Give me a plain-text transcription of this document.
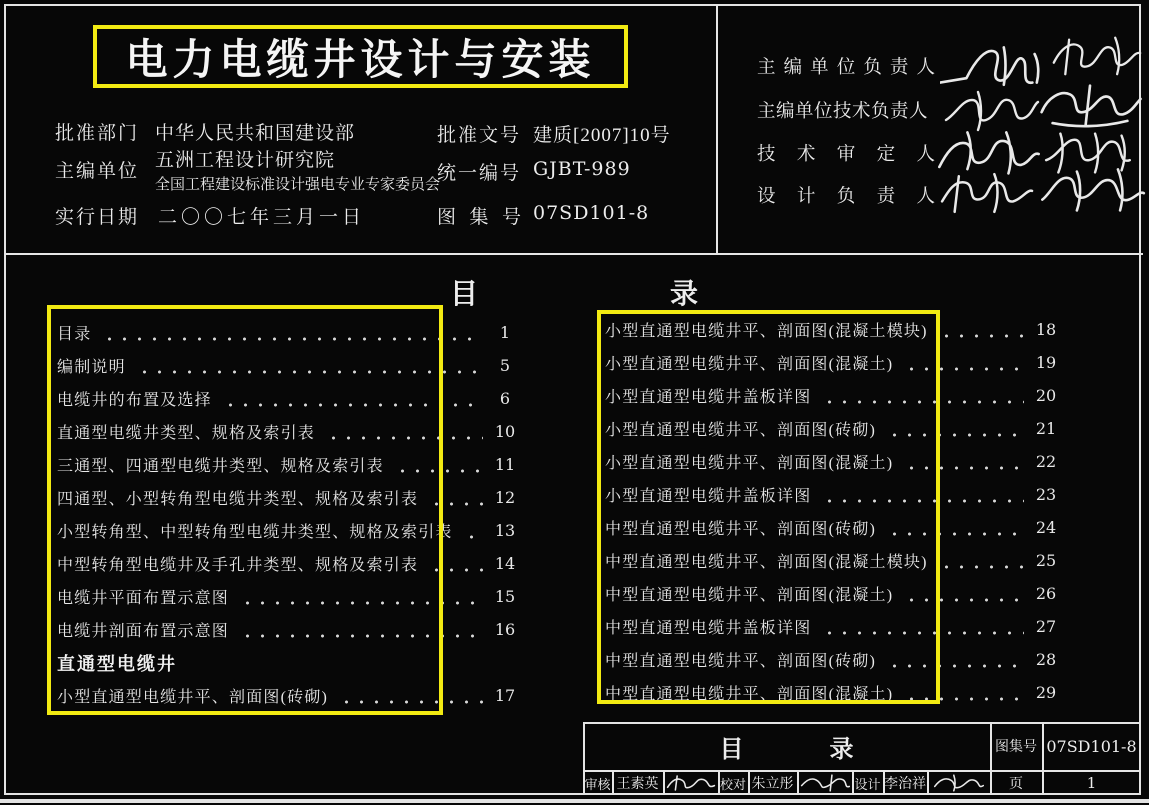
电力电缆井设计与安装
批准部门 中华人民共和国建设部
主编单位
五洲工程设计研究院
全国工程建设标准设计强电专业专家委员会
实行日期 二〇〇七年三月一日
批准文号 建质[2007]10号
统一编号 GJBT-989
图集号 07SD101-8
主编单位负责人
主编单位技术负责人
技术审定人
设计负责人
目	录
目录	1
编制说明	5
电缆井的布置及选择	6
直通型电缆井类型、规格及索引表	10
三通型、四通型电缆井类型、规格及索引表	11
四通型、小型转角型电缆井类型、规格及索引表	12
小型转角型、中型转角型电缆井类型、规格及索引表	13
中型转角型电缆井及手孔井类型、规格及索引表	14
电缆井平面布置示意图	15
电缆井剖面布置示意图	16
直通型电缆井
小型直通型电缆井平、剖面图(砖砌)	17
小型直通型电缆井平、剖面图(混凝土模块)	18
小型直通型电缆井平、剖面图(混凝土)	19
小型直通型电缆井盖板详图	20
小型直通型电缆井平、剖面图(砖砌)	21
小型直通型电缆井平、剖面图(混凝土)	22
小型直通型电缆井盖板详图	23
中型直通型电缆井平、剖面图(砖砌)	24
中型直通型电缆井平、剖面图(混凝土模块)	25
中型直通型电缆井平、剖面图(混凝土)	26
中型直通型电缆井盖板详图	27
中型直通型电缆井平、剖面图(砖砌)	28
中型直通型电缆井平、剖面图(混凝土)	29
目	录	图集号 07SD101-8
页	1
审核 王素英	校对 朱立彤	设计 李治祥
